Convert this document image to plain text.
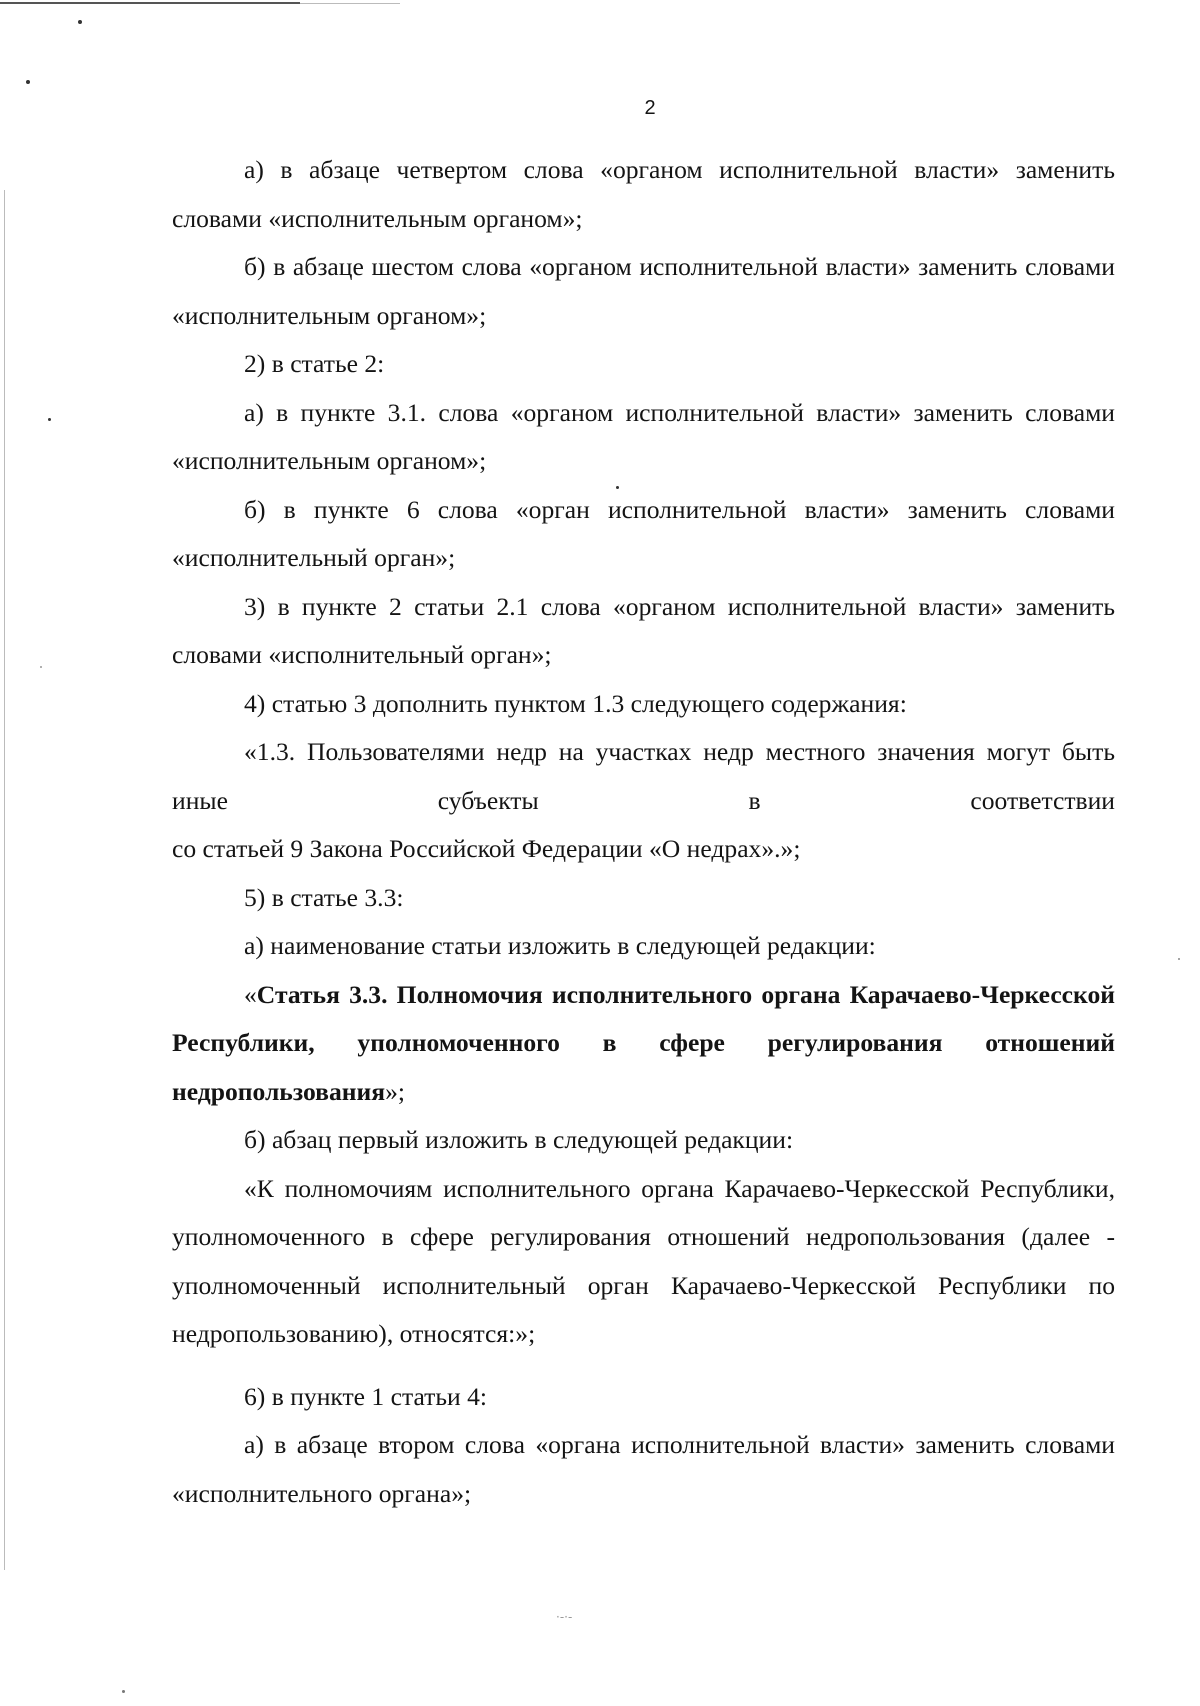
2

а) в абзаце четвертом слова «органом исполнительной власти» заменить словами «исполнительным органом»;

б) в абзаце шестом слова «органом исполнительной власти» заменить словами «исполнительным органом»;

2) в статье 2:

а) в пункте 3.1. слова «органом исполнительной власти» заменить словами «исполнительным органом»;

б) в пункте 6 слова «орган исполнительной власти» заменить словами «исполнительный орган»;

3) в пункте 2 статьи 2.1 слова «органом исполнительной власти» заменить словами «исполнительный орган»;

4) статью 3 дополнить пунктом 1.3 следующего содержания:

«1.3. Пользователями недр на участках недр местного значения могут быть иные субъекты в соответствии

со статьей 9 Закона Российской Федерации «О недрах».»;

5) в статье 3.3:

а) наименование статьи изложить в следующей редакции:

«Статья 3.3. Полномочия исполнительного органа Карачаево-Черкесской Республики, уполномоченного в сфере регулирования отношений недропользования»;

б) абзац первый изложить в следующей редакции:

«К полномочиям исполнительного органа Карачаево-Черкесской Республики, уполномоченного в сфере регулирования отношений недропользования (далее - уполномоченный исполнительный орган Карачаево-Черкесской Республики по недропользованию), относятся:»;

6) в пункте 1 статьи 4:

а) в абзаце втором слова «органа исполнительной власти» заменить словами «исполнительного органа»;

·-·-
